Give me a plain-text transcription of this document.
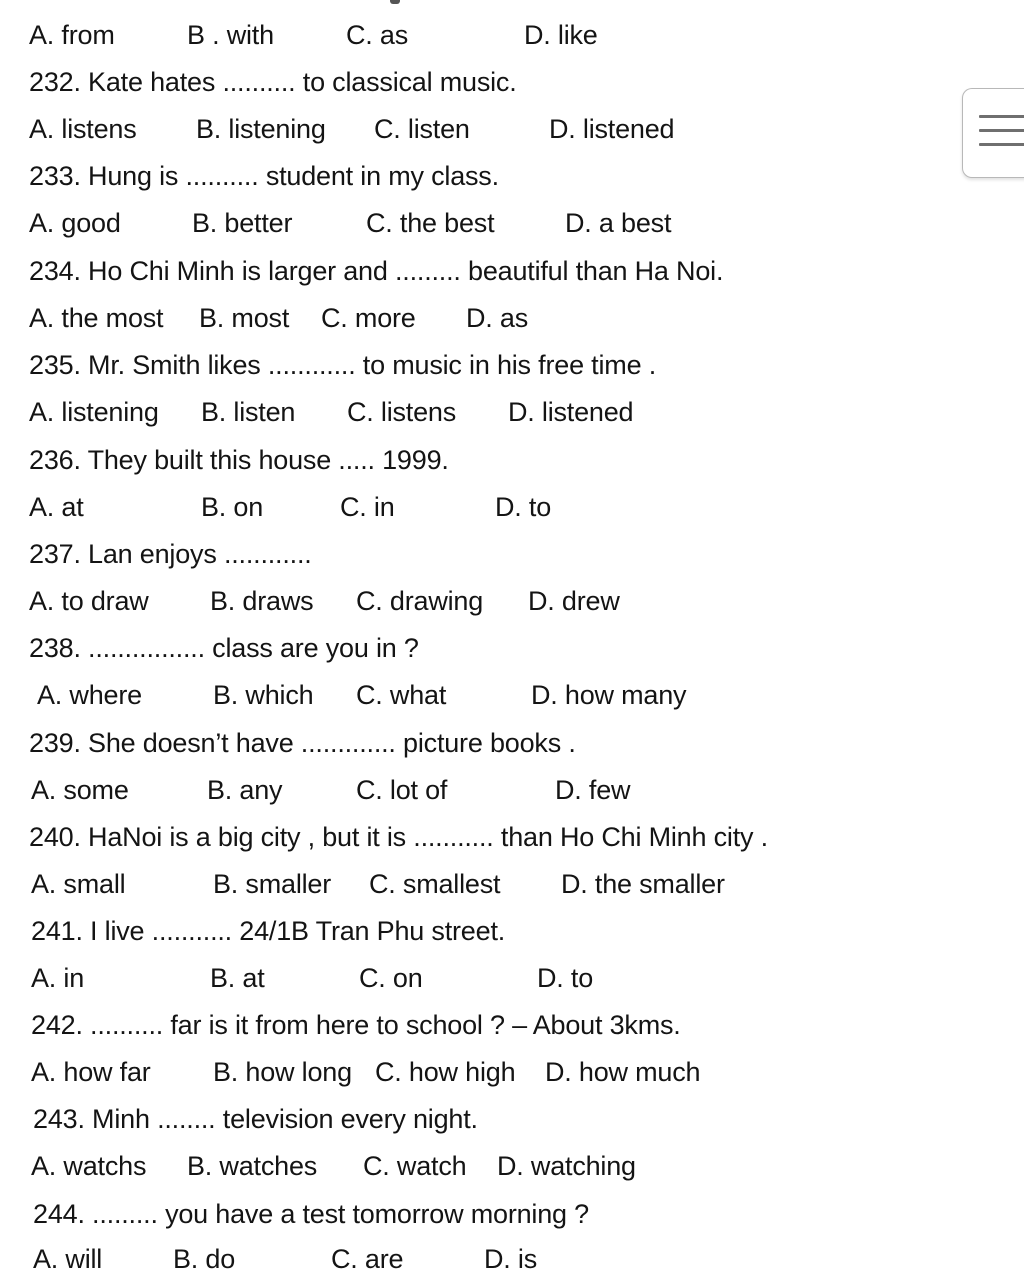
A. from	B . with	C. as	D. like
232. Kate hates .......... to classical music.
A. listens B. listening C. listen	D. listened
233. Hung is .......... student in my class.
A. good	B. better	C. the best	D. a best
234. Ho Chi Minh is larger and ......... beautiful than Ha Noi.
A. the most B. most C. more D. as
235. Mr. Smith likes ............ to music in his free time .
A. listening B. listen C. listens D. listened
236. They built this house ..... 1999.
A. at	B. on	C. in	D. to
237. Lan enjoys ............
A. to draw B. draws C. drawing D. drew
238. ................ class are you in ?
A. where	B. which C. what	D. how many
239. She doesn’t have ............. picture books .
A. some	B. any	C. lot of	D. few
240. HaNoi is a big city , but it is ........... than Ho Chi Minh city .
A. small	B. smaller C. smallest D. the smaller
241. I live ........... 24/1B Tran Phu street.
A. in	B. at	C. on	D. to
242. .......... far is it from here to school ? – About 3kms.
A. how far B. how long C. how high D. how much
243. Minh ........ television every night.
A. watchs B. watches C. watch D. watching
244. ......... you have a test tomorrow morning ?
A. will	B. do	C. are	D. is
